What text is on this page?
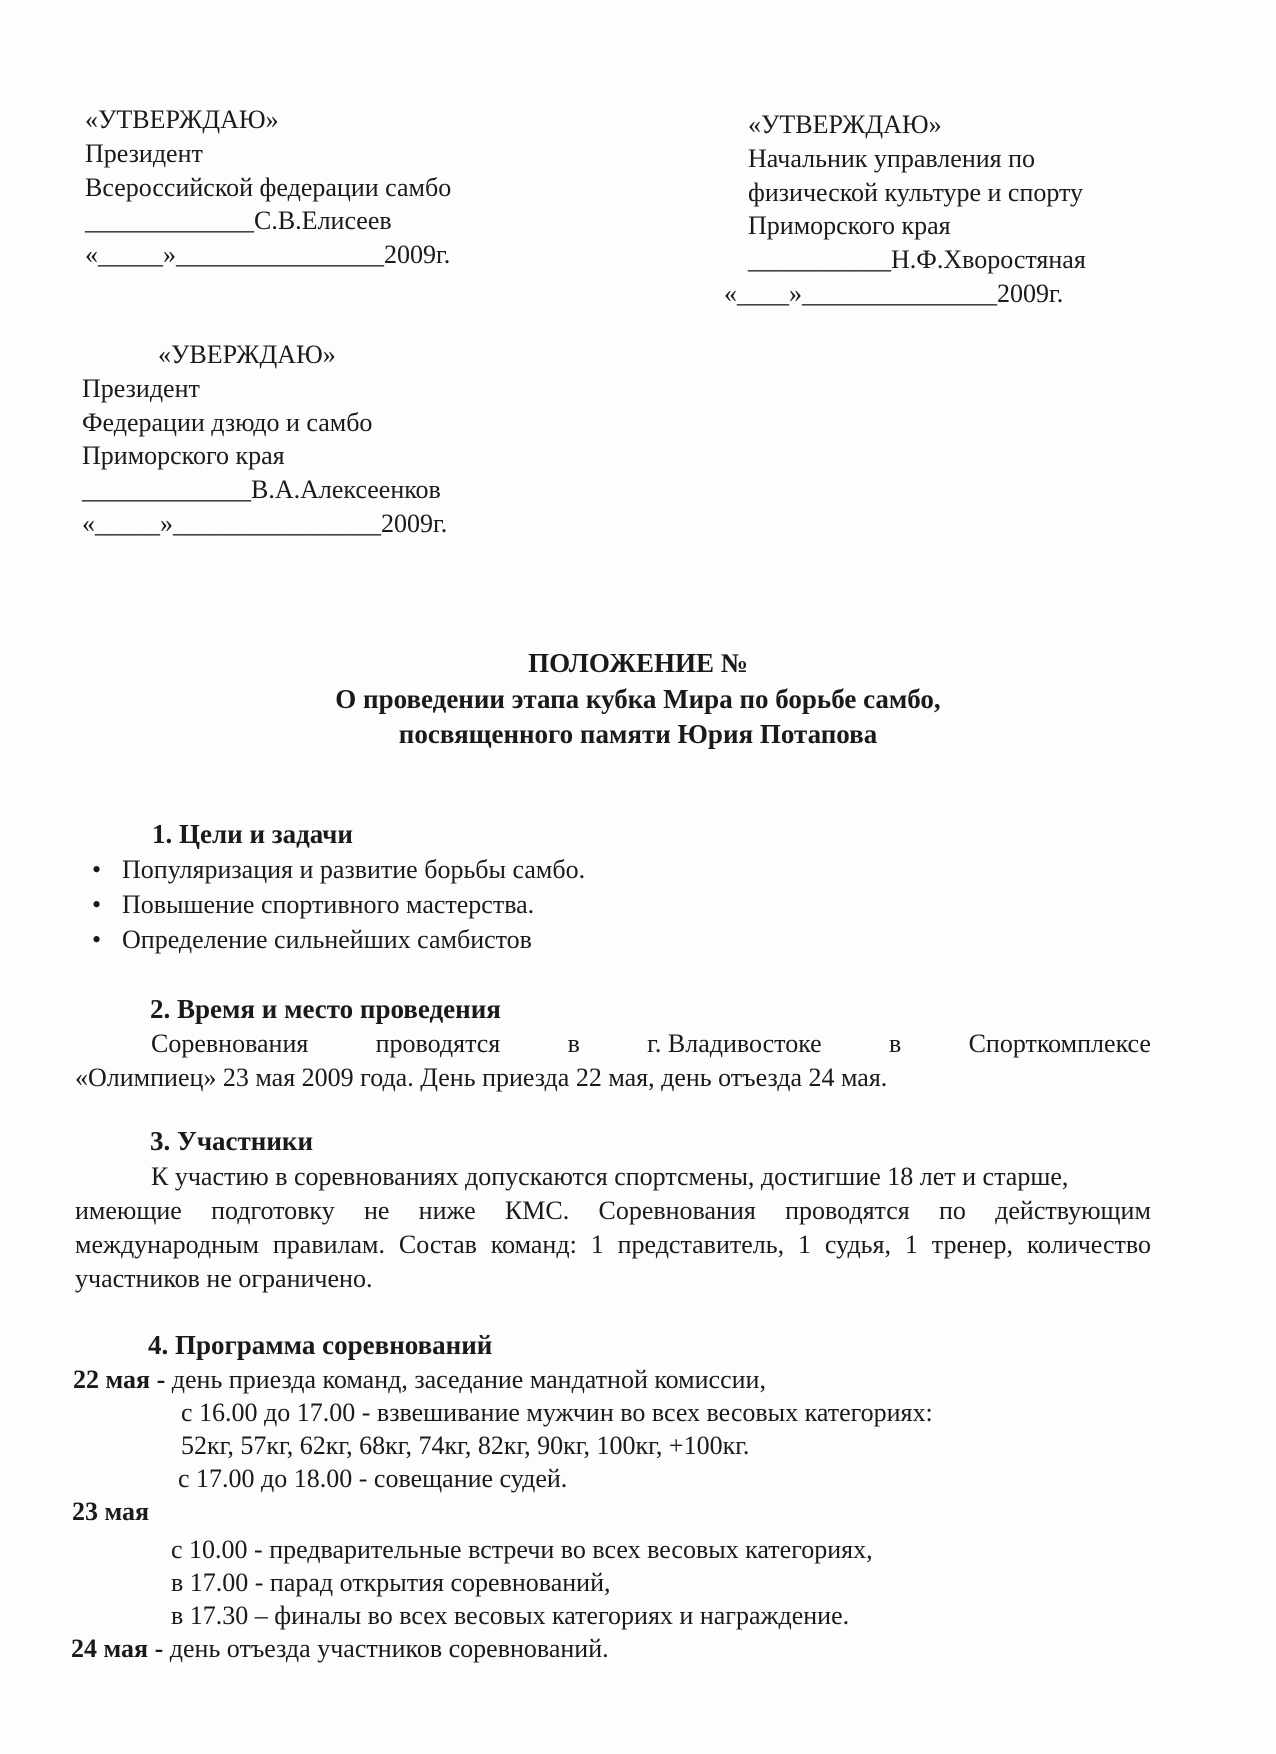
«УТВЕРЖДАЮ»
Президент
Всероссийской федерации самбо
_____________С.В.Елисеев
«_____»________________2009г.
«УТВЕРЖДАЮ»
Начальник управления по
физической культуре и спорту
Приморского края
___________Н.Ф.Хворостяная
«____»_______________2009г.
«УВЕРЖДАЮ»
Президент
Федерации дзюдо и самбо
Приморского края
_____________В.А.Алексеенков
«_____»________________2009г.
ПОЛОЖЕНИЕ №
О проведении этапа кубка Мира по борьбе самбо,
посвященного памяти Юрия Потапова
1. Цели и задачи
• Популяризация и развитие борьбы самбо.
• Повышение спортивного мастерства.
• Определение сильнейших самбистов
2. Время и место проведения
Соревнования	проводятся	в	г. Владивостоке	в	Спорткомплексе
«Олимпиец» 23 мая 2009 года. День приезда 22 мая, день отъезда 24 мая.
3. Участники
К участию в соревнованиях допускаются спортсмены, достигшие 18 лет и старше,
имеющие подготовку не ниже КМС. Соревнования проводятся по действующим
международным правилам. Состав команд: 1 представитель, 1 судья, 1 тренер, количество
участников не ограничено.
4. Программа соревнований
22 мая - день приезда команд, заседание мандатной комиссии,
с 16.00 до 17.00 - взвешивание мужчин во всех весовых категориях:
52кг, 57кг, 62кг, 68кг, 74кг, 82кг, 90кг, 100кг, +100кг.
с 17.00 до 18.00 - совещание судей.
23 мая
с 10.00 - предварительные встречи во всех весовых категориях,
в 17.00 - парад открытия соревнований,
в 17.30 – финалы во всех весовых категориях и награждение.
24 мая - день отъезда участников соревнований.
